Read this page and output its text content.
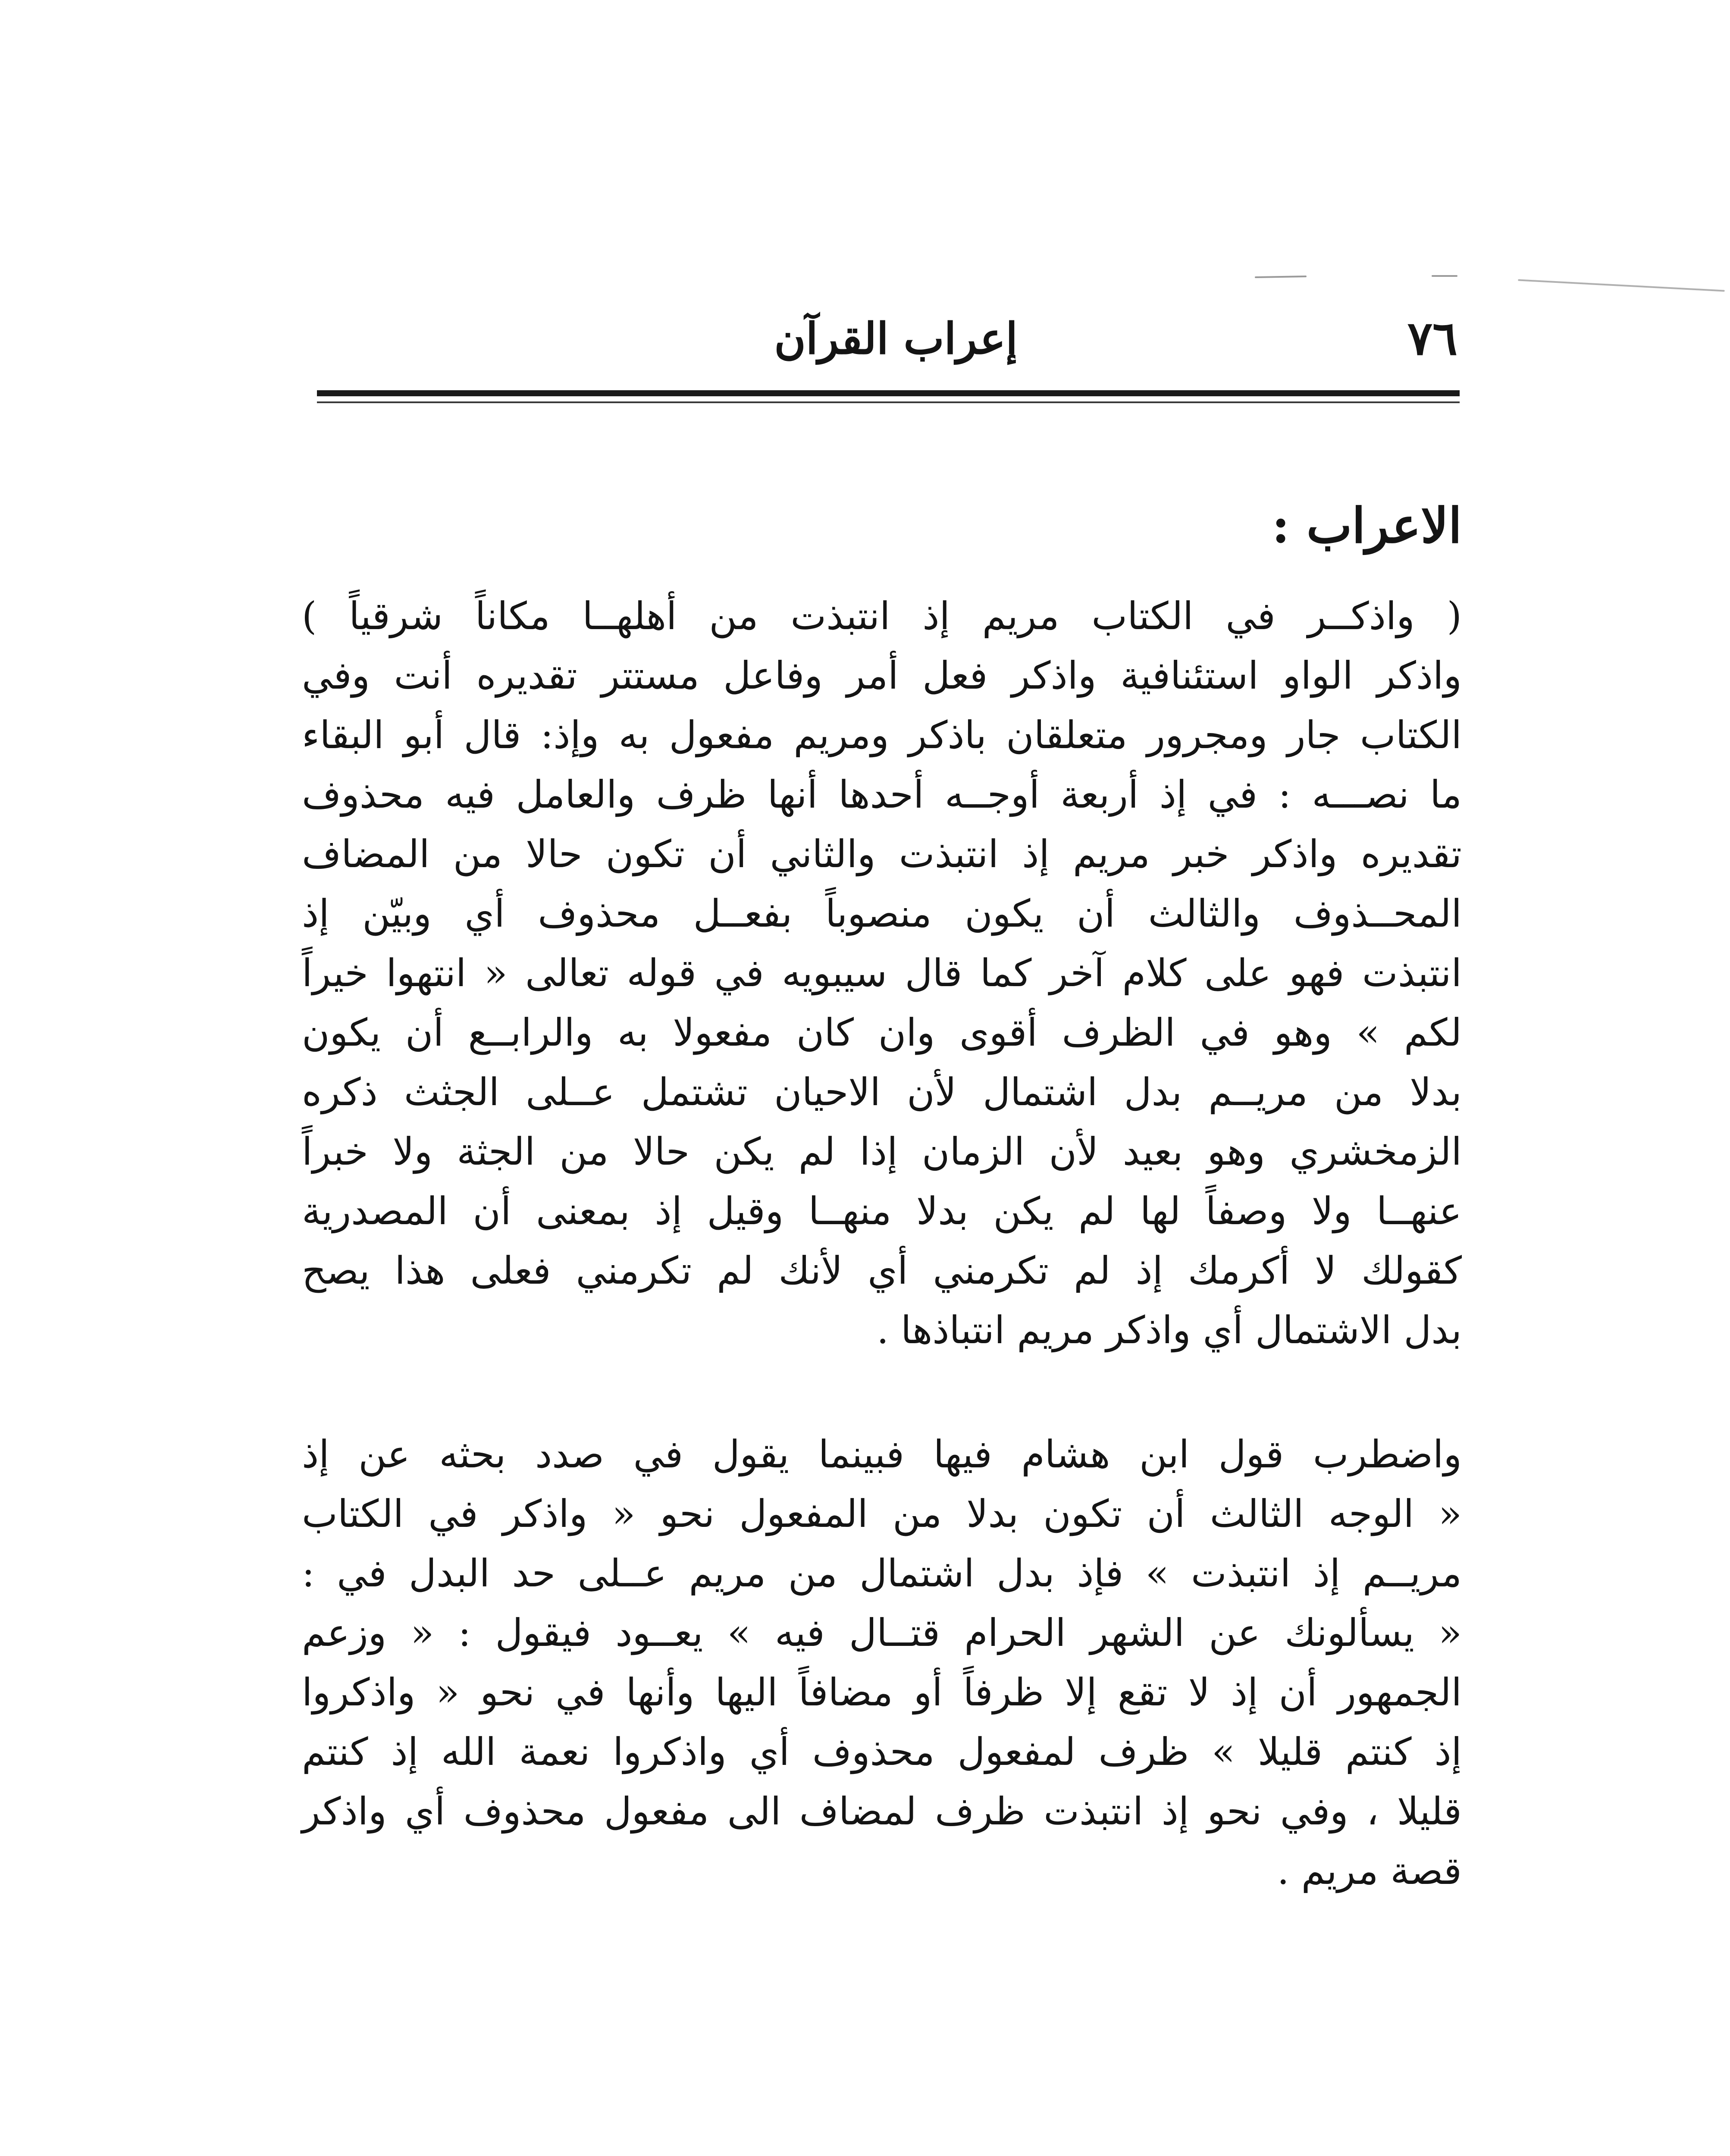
٧٦
إعراب القرآن
الاعراب :

( واذكــر في الكتاب مريم إذ انتبذت من أهلهــا مكاناً شرقياً )
واذكر الواو استئنافية واذكر فعل أمر وفاعل مستتر تقديره أنت وفي
الكتاب جار ومجرور متعلقان باذكر ومريم مفعول به وإذ: قال أبو البقاء
ما نصـــه : في إذ أربعة أوجــه أحدها أنها ظرف والعامل فيه محذوف
تقديره واذكر خبر مريم إذ انتبذت والثاني أن تكون حالا من المضاف
المحــذوف والثالث أن يكون منصوباً بفعــل محذوف أي وبيّن إذ
انتبذت فهو على كلام آخر كما قال سيبويه في قوله تعالى « انتهوا خيراً
لكم » وهو في الظرف أقوى وان كان مفعولا به والرابــع أن يكون
بدلا من مريــم بدل اشتمال لأن الاحيان تشتمل عــلى الجثث ذكره
الزمخشري وهو بعيد لأن الزمان إذا لم يكن حالا من الجثة ولا خبراً
عنهــا ولا وصفاً لها لم يكن بدلا منهــا وقيل إذ بمعنى أن المصدرية
كقولك لا أكرمك إذ لم تكرمني أي لأنك لم تكرمني فعلى هذا يصح
بدل الاشتمال أي واذكر مريم انتباذها .

واضطرب قول ابن هشام فيها فبينما يقول في صدد بحثه عن إذ
« الوجه الثالث أن تكون بدلا من المفعول نحو « واذكر في الكتاب
مريــم إذ انتبذت » فإذ بدل اشتمال من مريم عــلى حد البدل في :
« يسألونك عن الشهر الحرام قتــال فيه » يعــود فيقول : « وزعم
الجمهور أن إذ لا تقع إلا ظرفاً أو مضافاً اليها وأنها في نحو « واذكروا
إذ كنتم قليلا » ظرف لمفعول محذوف أي واذكروا نعمة الله إذ كنتم
قليلا ، وفي نحو إذ انتبذت ظرف لمضاف الى مفعول محذوف أي واذكر
قصة مريم .
